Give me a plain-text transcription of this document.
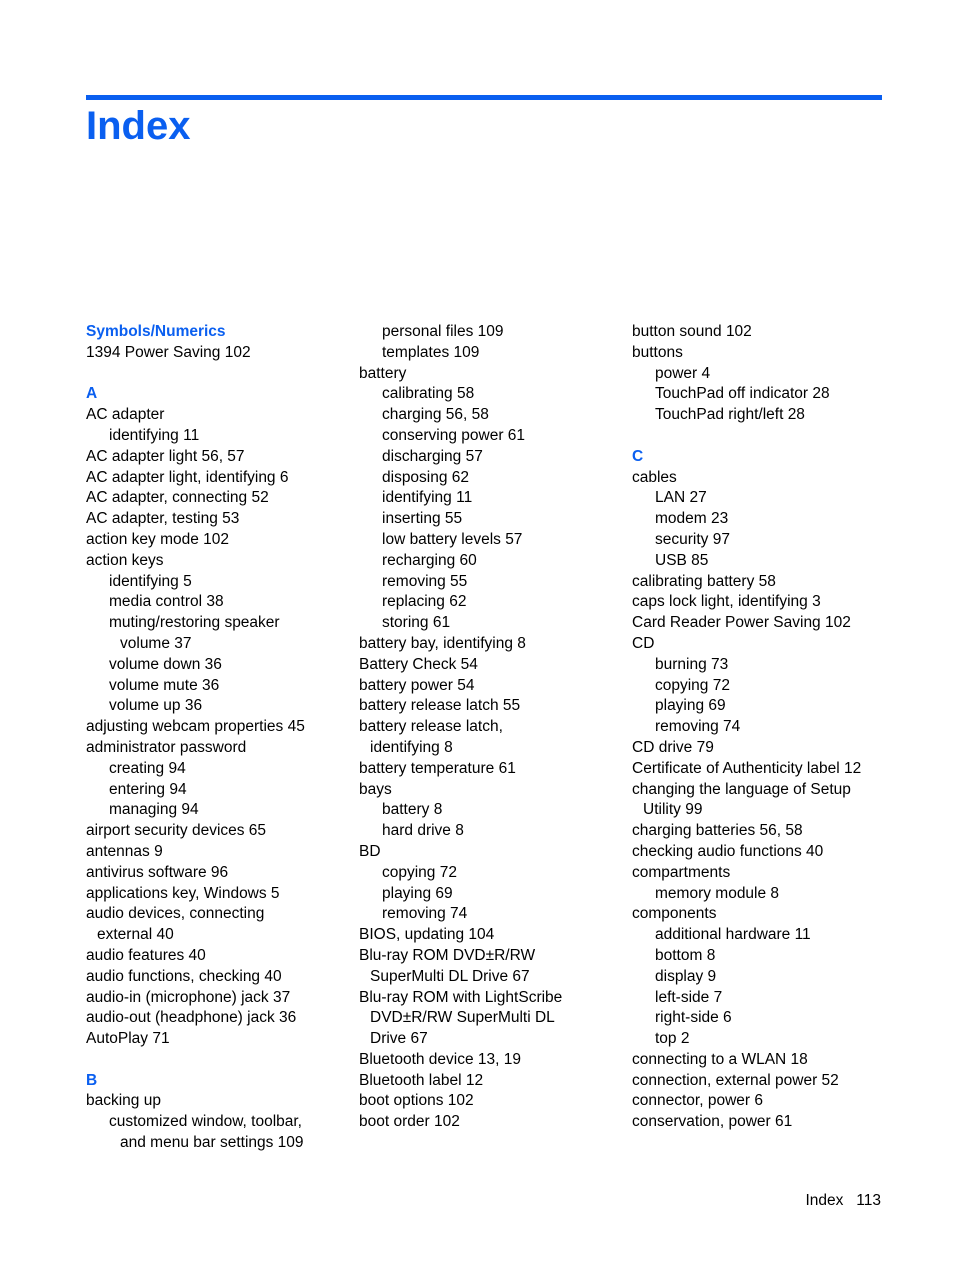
Index
Symbols/Numerics
1394 Power Saving 102
A
AC adapter
identifying 11
AC adapter light 56, 57
AC adapter light, identifying 6
AC adapter, connecting 52
AC adapter, testing 53
action key mode 102
action keys
identifying 5
media control 38
muting/restoring speaker
volume 37
volume down 36
volume mute 36
volume up 36
adjusting webcam properties 45
administrator password
creating 94
entering 94
managing 94
airport security devices 65
antennas 9
antivirus software 96
applications key, Windows 5
audio devices, connecting
external 40
audio features 40
audio functions, checking 40
audio-in (microphone) jack 37
audio-out (headphone) jack 36
AutoPlay 71
B
backing up
customized window, toolbar,
and menu bar settings 109
personal files 109
templates 109
battery
calibrating 58
charging 56, 58
conserving power 61
discharging 57
disposing 62
identifying 11
inserting 55
low battery levels 57
recharging 60
removing 55
replacing 62
storing 61
battery bay, identifying 8
Battery Check 54
battery power 54
battery release latch 55
battery release latch,
identifying 8
battery temperature 61
bays
battery 8
hard drive 8
BD
copying 72
playing 69
removing 74
BIOS, updating 104
Blu-ray ROM DVD±R/RW
SuperMulti DL Drive 67
Blu-ray ROM with LightScribe
DVD±R/RW SuperMulti DL
Drive 67
Bluetooth device 13, 19
Bluetooth label 12
boot options 102
boot order 102
button sound 102
buttons
power 4
TouchPad off indicator 28
TouchPad right/left 28
C
cables
LAN 27
modem 23
security 97
USB 85
calibrating battery 58
caps lock light, identifying 3
Card Reader Power Saving 102
CD
burning 73
copying 72
playing 69
removing 74
CD drive 79
Certificate of Authenticity label 12
changing the language of Setup
Utility 99
charging batteries 56, 58
checking audio functions 40
compartments
memory module 8
components
additional hardware 11
bottom 8
display 9
left-side 7
right-side 6
top 2
connecting to a WLAN 18
connection, external power 52
connector, power 6
conservation, power 61
Index   113
